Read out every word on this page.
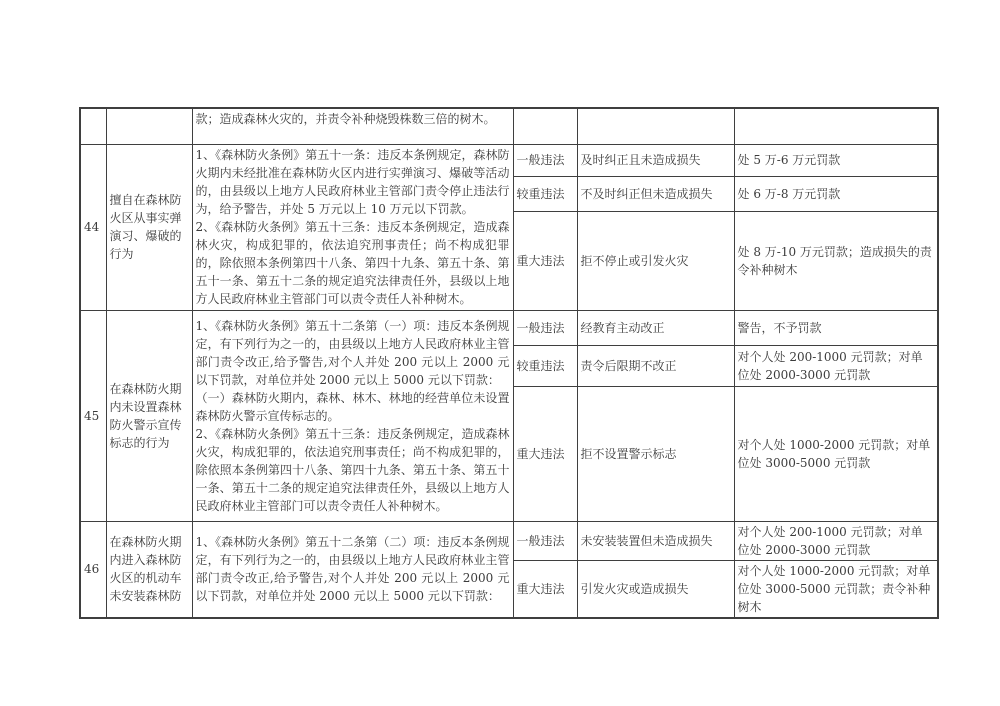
		款；造成森林火灾的，并责令补种烧毁株数三倍的树木。			

44	擅自在森林防火区从事实弹演习、爆破的行为	1、《森林防火条例》第五十一条：违反本条例规定，森林防火期内未经批准在森林防火区内进行实弹演习、爆破等活动的，由县级以上地方人民政府林业主管部门责令停止违法行为，给予警告，并处 5 万元以上 10 万元以下罚款。
2、《森林防火条例》第五十三条：违反本条例规定，造成森林火灾，构成犯罪的，依法追究刑事责任；尚不构成犯罪的，除依照本条例第四十八条、第四十九条、第五十条、第五十一条、第五十二条的规定追究法律责任外，县级以上地方人民政府林业主管部门可以责令责任人补种树木。	一般违法	及时纠正且未造成损失	处 5 万-6 万元罚款
			较重违法	不及时纠正但未造成损失	处 6 万-8 万元罚款
			重大违法	拒不停止或引发火灾	处 8 万-10 万元罚款；造成损失的责令补种树木
45	在森林防火期内未设置森林防火警示宣传标志的行为	1、《森林防火条例》第五十二条第（一）项：违反本条例规定，有下列行为之一的，由县级以上地方人民政府林业主管部门责令改正,给予警告,对个人并处 200 元以上 2000 元以下罚款，对单位并处 2000 元以上 5000 元以下罚款：
（一）森林防火期内，森林、林木、林地的经营单位未设置森林防火警示宣传标志的。
2、《森林防火条例》第五十三条：违反条例规定，造成森林火灾，构成犯罪的，依法追究刑事责任；尚不构成犯罪的，除依照本条例第四十八条、第四十九条、第五十条、第五十一条、第五十二条的规定追究法律责任外，县级以上地方人民政府林业主管部门可以责令责任人补种树木。	一般违法	经教育主动改正	警告，不予罚款
			较重违法	责令后限期不改正	对个人处 200-1000 元罚款；对单位处 2000-3000 元罚款
			重大违法	拒不设置警示标志	对个人处 1000-2000 元罚款；对单位处 3000-5000 元罚款
46	在森林防火期内进入森林防火区的机动车未安装森林防	1、《森林防火条例》第五十二条第（二）项：违反本条例规定，有下列行为之一的，由县级以上地方人民政府林业主管部门责令改正,给予警告,对个人并处 200 元以上 2000 元以下罚款，对单位并处 2000 元以上 5000 元以下罚款：	一般违法	未安装装置但未造成损失	对个人处 200-1000 元罚款；对单位处 2000-3000 元罚款
			重大违法	引发火灾或造成损失	对个人处 1000-2000 元罚款；对单位处 3000-5000 元罚款；责令补种树木
